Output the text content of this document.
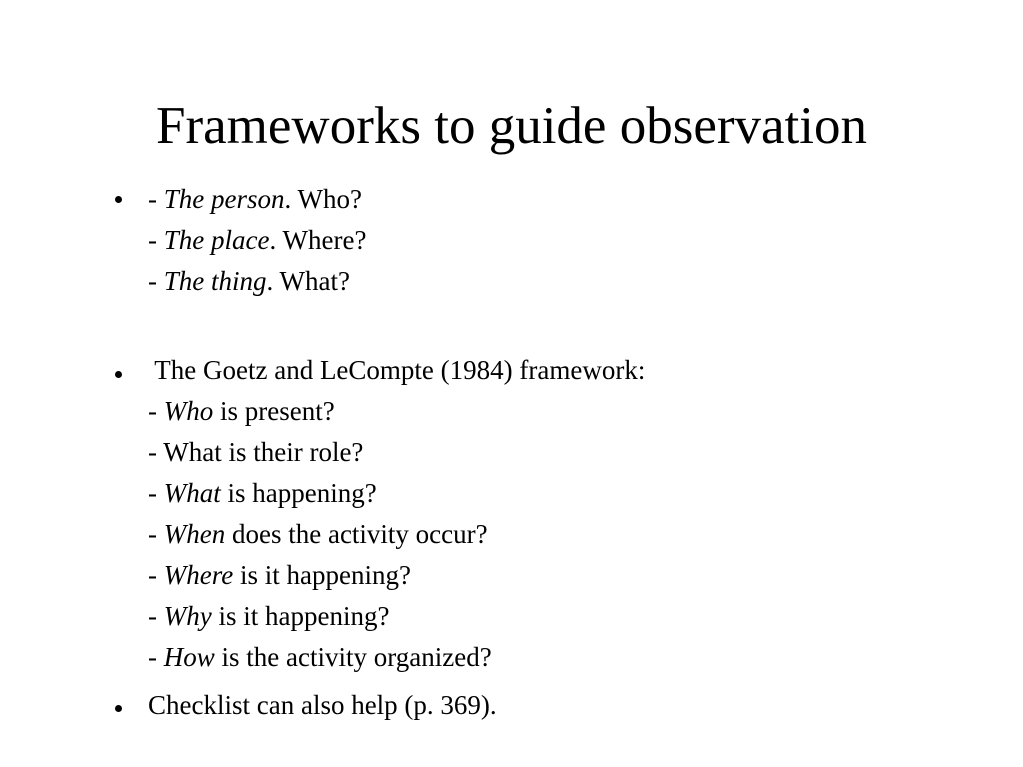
Frameworks to guide observation
- The person. Who?
- The place. Where?
- The thing. What?
The Goetz and LeCompte (1984) framework:
- Who is present?
- What is their role?
- What is happening?
- When does the activity occur?
- Where is it happening?
- Why is it happening?
- How is the activity organized?
Checklist can also help (p. 369).
